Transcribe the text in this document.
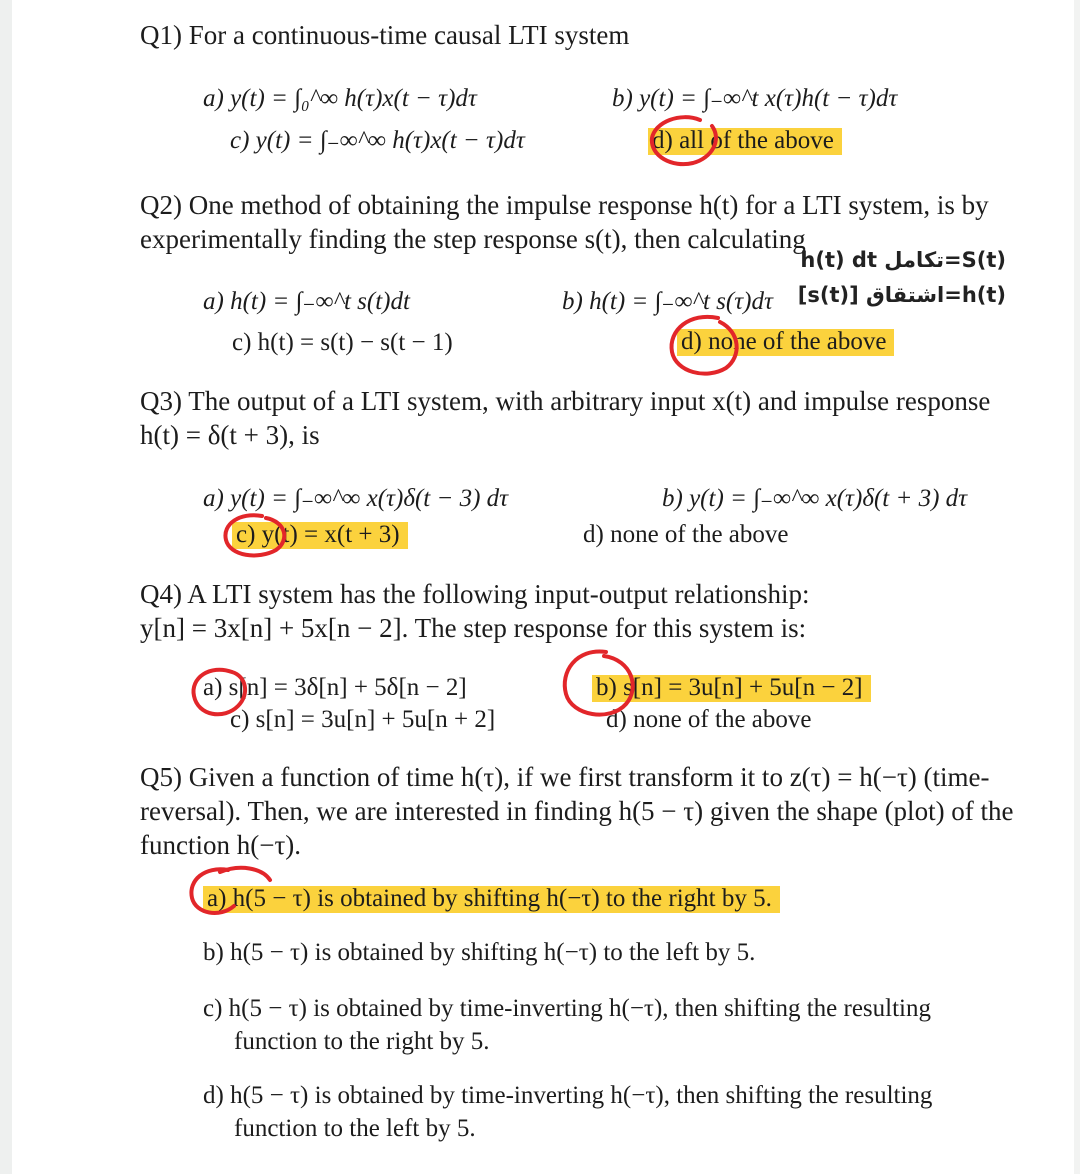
Q1) For a continuous-time causal LTI system
a) y(t) = ∫₀^∞ h(τ)x(t − τ)dτ	b) y(t) = ∫₋∞^t x(τ)h(t − τ)dτ
c) y(t) = ∫₋∞^∞ h(τ)x(t − τ)dτ	d) all of the above
Q2) One method of obtaining the impulse response h(t) for a LTI system, is by
experimentally finding the step response s(t), then calculating
S(t)=تكامل h(t) dt
h(t)=اشتقاق [s(t)]
a) h(t) = ∫₋∞^t s(t)dt	b) h(t) = ∫₋∞^t s(τ)dτ
c) h(t) = s(t) − s(t − 1)	d) none of the above
Q3) The output of a LTI system, with arbitrary input x(t) and impulse response
h(t) = δ(t + 3), is
a) y(t) = ∫₋∞^∞ x(τ)δ(t − 3) dτ	b) y(t) = ∫₋∞^∞ x(τ)δ(t + 3) dτ
c) y(t) = x(t + 3)	d) none of the above
Q4) A LTI system has the following input-output relationship:
y[n] = 3x[n] + 5x[n − 2]. The step response for this system is:
a) s[n] = 3δ[n] + 5δ[n − 2]	b) s[n] = 3u[n] + 5u[n − 2]
c) s[n] = 3u[n] + 5u[n + 2]	d) none of the above
Q5) Given a function of time h(τ), if we first transform it to z(τ) = h(−τ) (time-
reversal). Then, we are interested in finding h(5 − τ) given the shape (plot) of the
function h(−τ).
a) h(5 − τ) is obtained by shifting h(−τ) to the right by 5.
b) h(5 − τ) is obtained by shifting h(−τ) to the left by 5.
c) h(5 − τ) is obtained by time-inverting h(−τ), then shifting the resulting
function to the right by 5.
d) h(5 − τ) is obtained by time-inverting h(−τ), then shifting the resulting
function to the left by 5.
